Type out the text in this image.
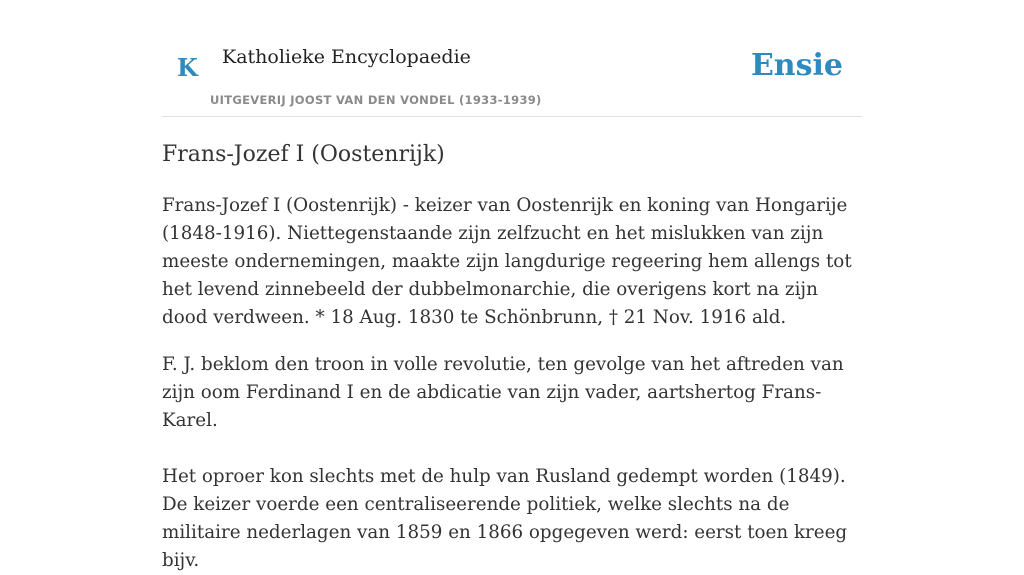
K Katholieke Encyclopaedie
UITGEVERIJ JOOST VAN DEN VONDEL (1933-1939)
Ensie
Frans-Jozef I (Oostenrijk)

Frans-Jozef I (Oostenrijk) - keizer van Oostenrijk en koning van Hongarije (1848-1916). Niettegenstaande zijn zelfzucht en het mislukken van zijn meeste ondernemingen, maakte zijn langdurige regeering hem allengs tot het levend zinnebeeld der dubbelmonarchie, die overigens kort na zijn dood verdween. * 18 Aug. 1830 te Schönbrunn, † 21 Nov. 1916 ald.

F. J. beklom den troon in volle revolutie, ten gevolge van het aftreden van zijn oom Ferdinand I en de abdicatie van zijn vader, aartshertog Frans-Karel.

Het oproer kon slechts met de hulp van Rusland gedempt worden (1849). De keizer voerde een centraliseerende politiek, welke slechts na de militaire nederlagen van 1859 en 1866 opgegeven werd: eerst toen kreeg bijv.
